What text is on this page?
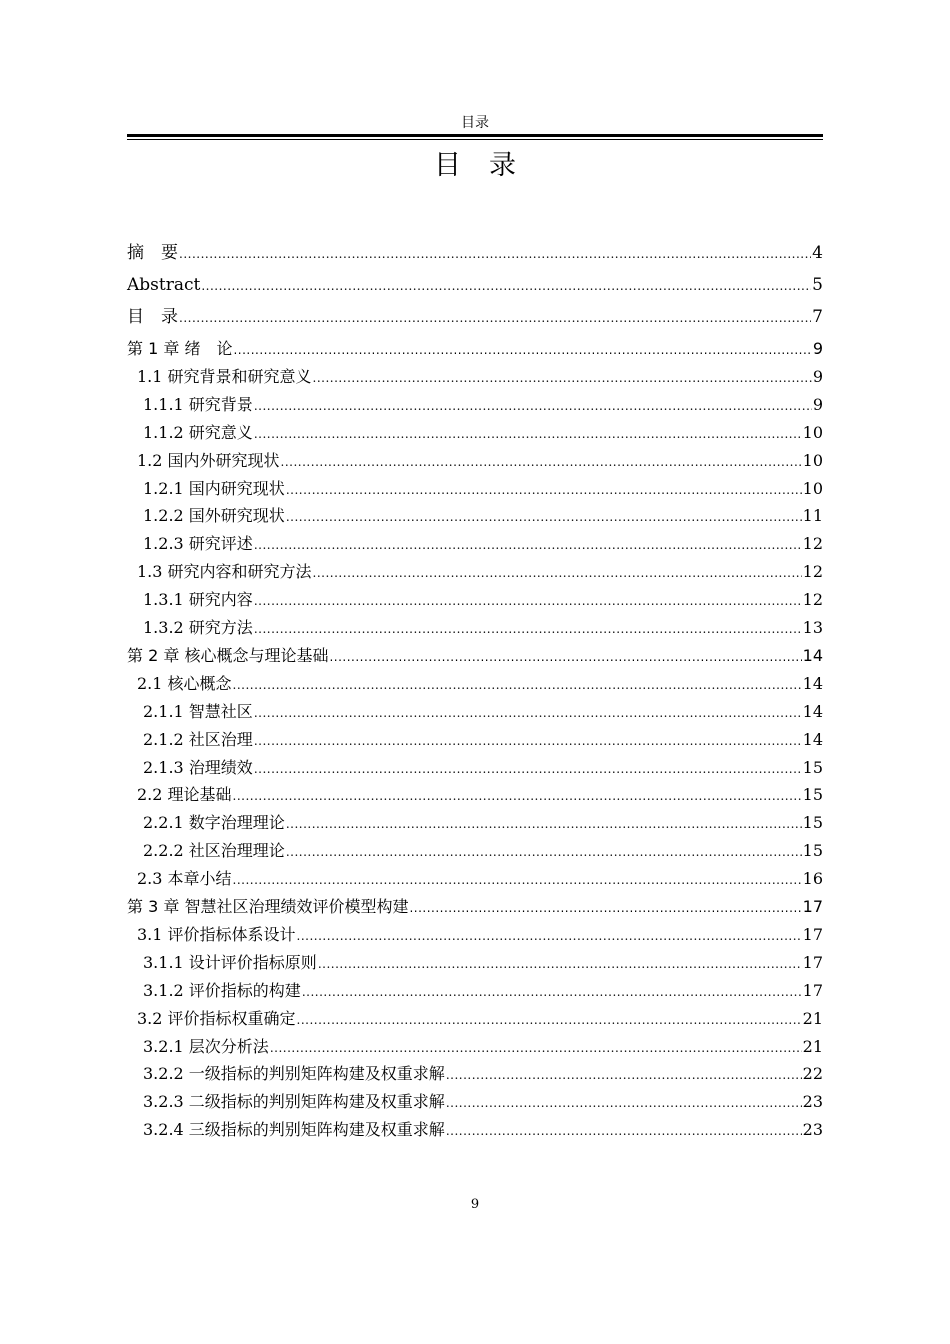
目录
目录
摘　要 .....	4
Abstract .....	5
目　录 .....	7
第 1 章 绪　论 .....	9
1.1 研究背景和研究意义 .....	9
1.1.1 研究背景 .....	9
1.1.2 研究意义 .....	10
1.2 国内外研究现状 .....	10
1.2.1 国内研究现状 .....	10
1.2.2 国外研究现状 .....	11
1.2.3 研究评述 .....	12
1.3 研究内容和研究方法 .....	12
1.3.1 研究内容 .....	12
1.3.2 研究方法 .....	13
第 2 章 核心概念与理论基础 .....	14
2.1 核心概念 .....	14
2.1.1 智慧社区 .....	14
2.1.2 社区治理 .....	14
2.1.3 治理绩效 .....	15
2.2 理论基础 .....	15
2.2.1 数字治理理论 .....	15
2.2.2 社区治理理论 .....	15
2.3 本章小结 .....	16
第 3 章 智慧社区治理绩效评价模型构建 .....	17
3.1 评价指标体系设计 .....	17
3.1.1 设计评价指标原则 .....	17
3.1.2 评价指标的构建 .....	17
3.2 评价指标权重确定 .....	21
3.2.1 层次分析法 .....	21
3.2.2 一级指标的判别矩阵构建及权重求解 .....	22
3.2.3 二级指标的判别矩阵构建及权重求解 .....	23
3.2.4 三级指标的判别矩阵构建及权重求解 .....	23
9
